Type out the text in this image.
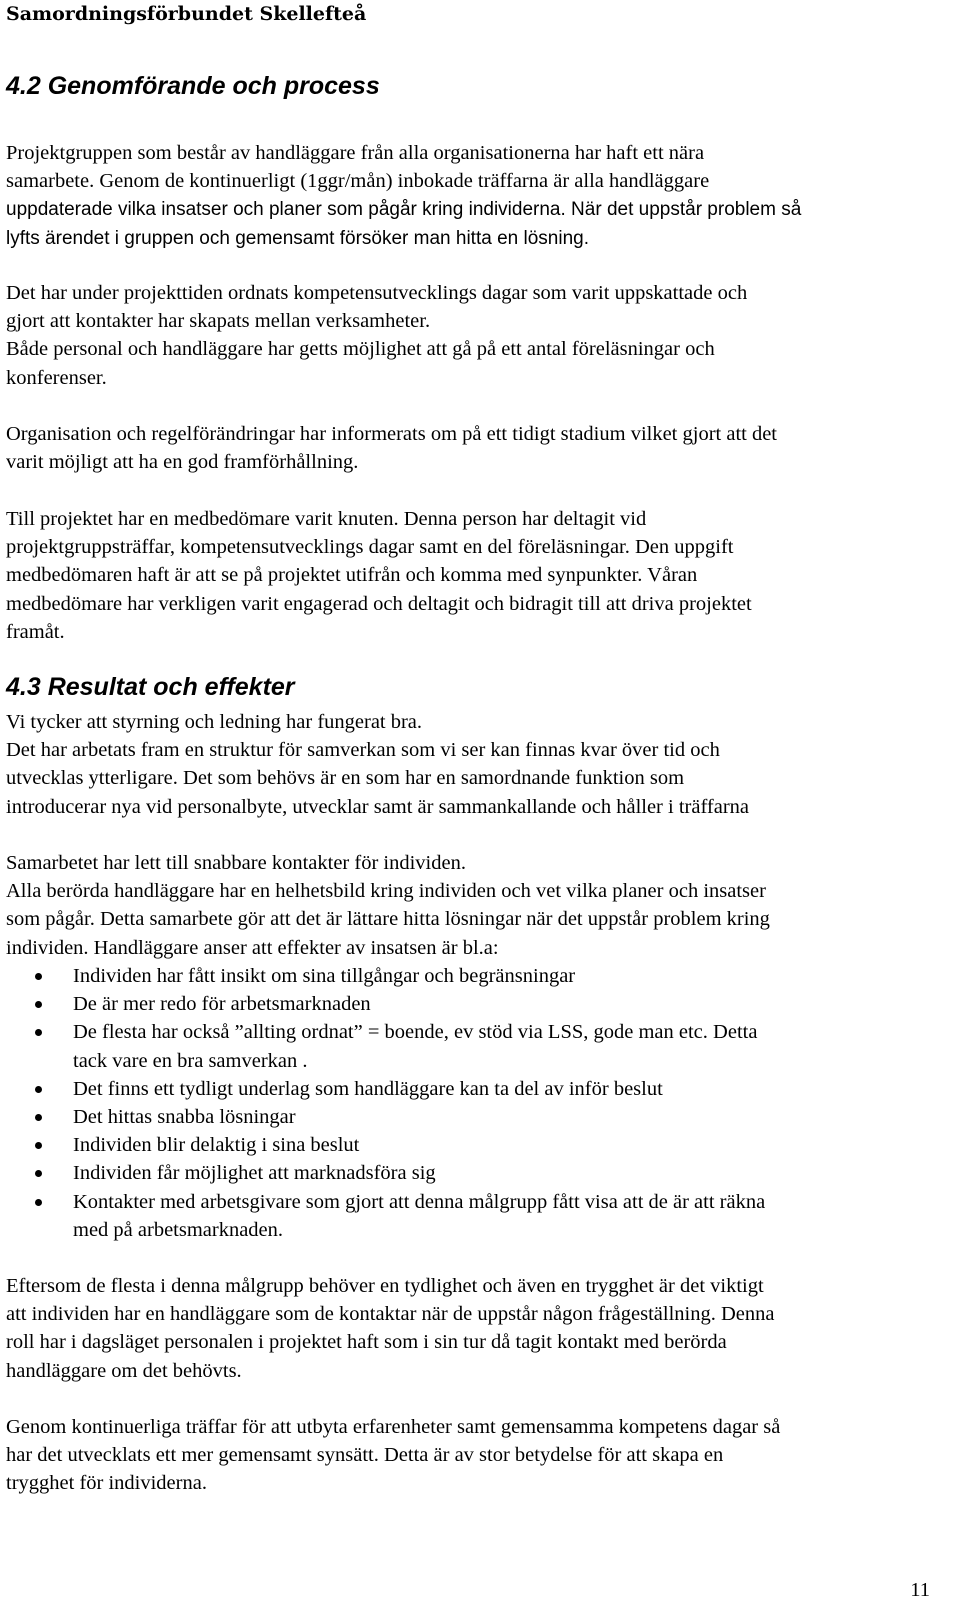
Samordningsförbundet Skellefteå
4.2 Genomförande och process
Projektgruppen som består av handläggare från alla organisationerna har haft ett nära
samarbete. Genom de kontinuerligt (1ggr/mån) inbokade träffarna är alla handläggare
uppdaterade vilka insatser och planer som pågår kring individerna. När det uppstår problem så
lyfts ärendet i gruppen och gemensamt försöker man hitta en lösning.
Det har under projekttiden ordnats kompetensutvecklings dagar som varit uppskattade och
gjort att kontakter har skapats mellan verksamheter.
Både personal och handläggare har getts möjlighet att gå på ett antal föreläsningar och
konferenser.
Organisation och regelförändringar har informerats om på ett tidigt stadium vilket gjort att det
varit möjligt att ha en god framförhållning.
Till projektet har en medbedömare varit knuten. Denna person har deltagit vid
projektgruppsträffar, kompetensutvecklings dagar samt en del föreläsningar. Den uppgift
medbedömaren haft är att se på projektet utifrån och komma med synpunkter. Våran
medbedömare har verkligen varit engagerad och deltagit och bidragit till att driva projektet
framåt.
4.3 Resultat och effekter
Vi tycker att styrning och ledning har fungerat bra.
Det har arbetats fram en struktur för samverkan som vi ser kan finnas kvar över tid och
utvecklas ytterligare. Det som behövs är en som har en samordnande funktion som
introducerar nya vid personalbyte, utvecklar samt är sammankallande och håller i träffarna
Samarbetet har lett till snabbare kontakter för individen.
Alla berörda handläggare har en helhetsbild kring individen och vet vilka planer och insatser
som pågår. Detta samarbete gör att det är lättare hitta lösningar när det uppstår problem kring
individen. Handläggare anser att effekter av insatsen är bl.a:
Individen har fått insikt om sina tillgångar och begränsningar
De är mer redo för arbetsmarknaden
De flesta har också ”allting ordnat” = boende, ev stöd via LSS, gode man etc. Detta
tack vare en bra samverkan .
Det finns ett tydligt underlag som handläggare kan ta del av inför beslut
Det hittas snabba lösningar
Individen blir delaktig i sina beslut
Individen får möjlighet att marknadsföra sig
Kontakter med arbetsgivare som gjort att denna målgrupp fått visa att de är att räkna
med på arbetsmarknaden.
Eftersom de flesta i denna målgrupp behöver en tydlighet och även en trygghet är det viktigt
att individen har en handläggare som de kontaktar när de uppstår någon frågeställning. Denna
roll har i dagsläget personalen i projektet haft som i sin tur då tagit kontakt med berörda
handläggare om det behövts.
Genom kontinuerliga träffar för att utbyta erfarenheter samt gemensamma kompetens dagar så
har det utvecklats ett mer gemensamt synsätt. Detta är av stor betydelse för att skapa en
trygghet för individerna.
11
